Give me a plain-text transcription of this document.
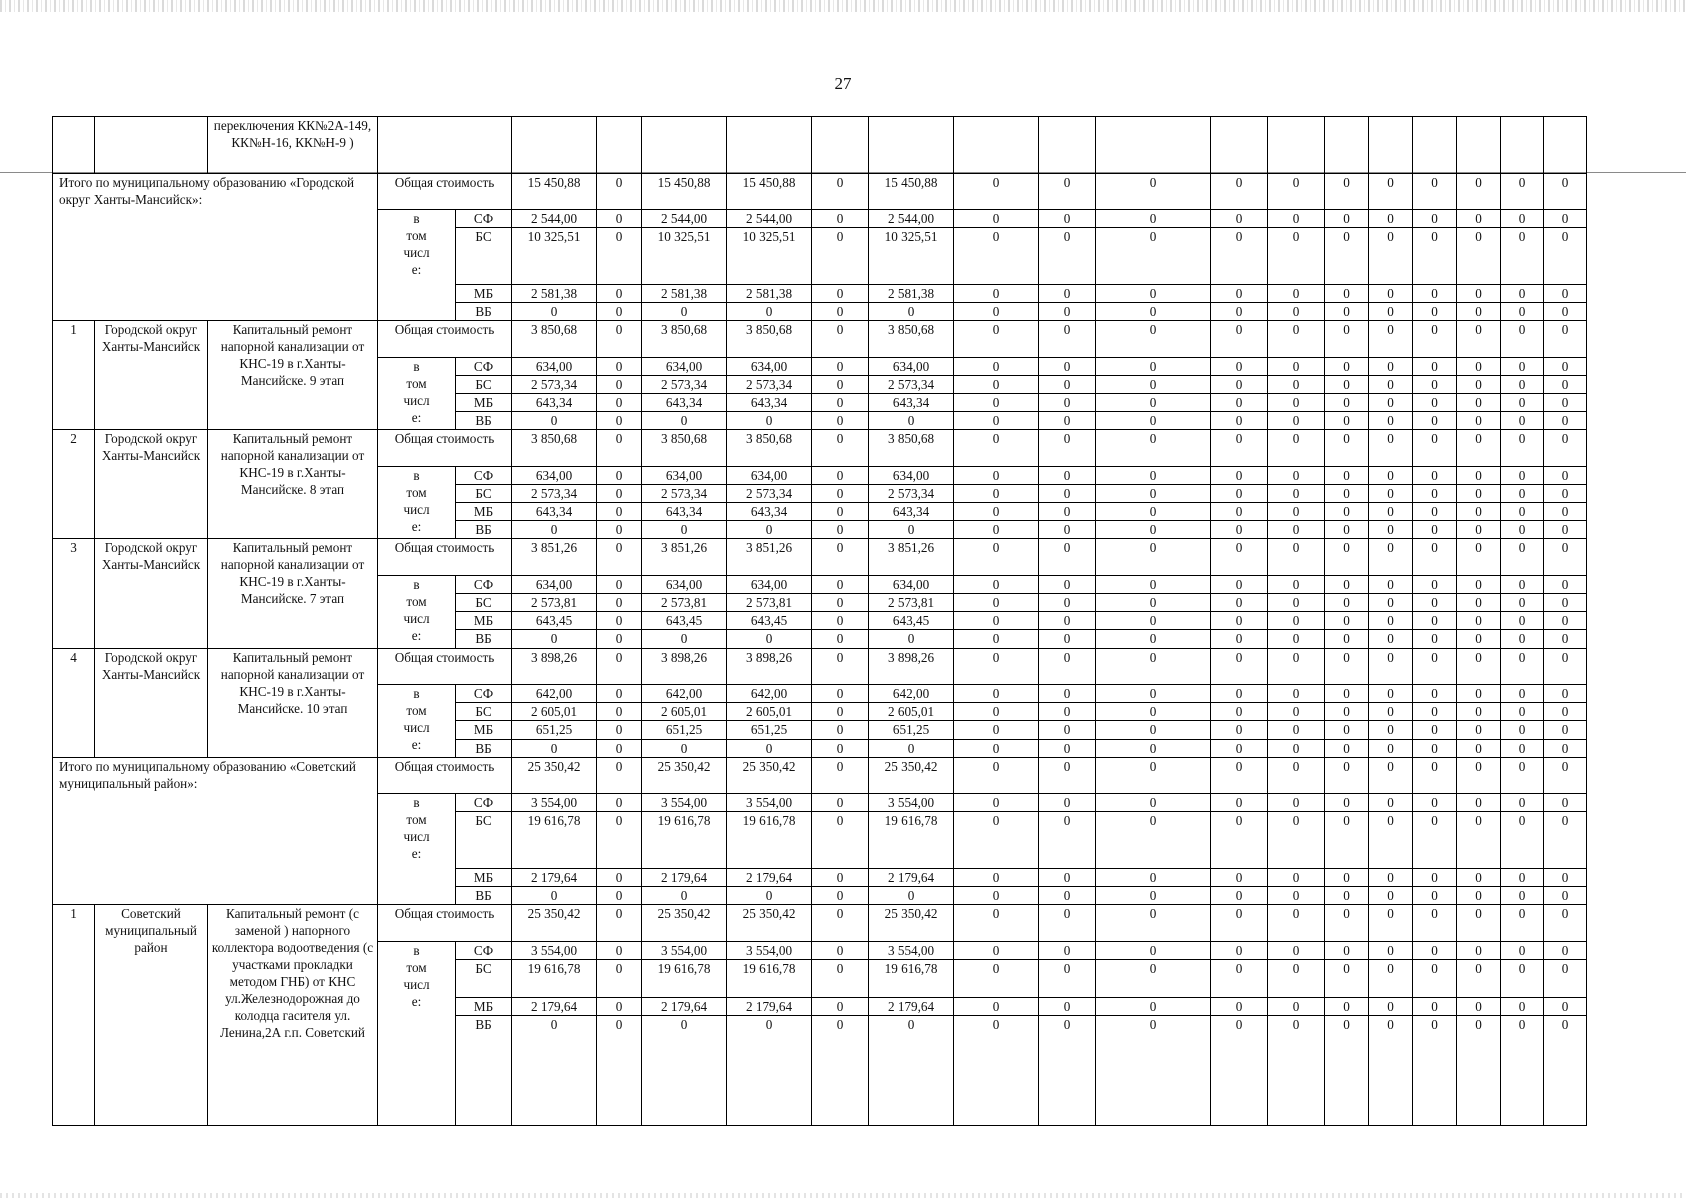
27
		переключения КК№2А-149, КК№Н-16, КК№Н-9 )																			
Итого по муниципальному образованию «Городской округ Ханты-Мансийск»:			Общая стоимость		15 450,88	0	15 450,88	15 450,88	0	15 450,88	0	0	0	0	0	0	0	0	0	0	0

			в
том
числ
е:	СФ	2 544,00	0	2 544,00	2 544,00	0	2 544,00	0	0	0	0	0	0	0	0	0	0	0
				БС	10 325,51	0	10 325,51	10 325,51	0	10 325,51	0	0	0	0	0	0	0	0	0	0	0
				МБ	2 581,38	0	2 581,38	2 581,38	0	2 581,38	0	0	0	0	0	0	0	0	0	0	0
				ВБ	0	0	0	0	0	0	0	0	0	0	0	0	0	0	0	0	0
1	Городской округ Ханты-Мансийск	Капитальный ремонт напорной канализации от КНС-19 в г.Ханты-Мансийске. 9 этап	Общая стоимость		3 850,68	0	3 850,68	3 850,68	0	3 850,68	0	0	0	0	0	0	0	0	0	0	0

			в
том
числ
е:	СФ	634,00	0	634,00	634,00	0	634,00	0	0	0	0	0	0	0	0	0	0	0
				БС	2 573,34	0	2 573,34	2 573,34	0	2 573,34	0	0	0	0	0	0	0	0	0	0	0
				МБ	643,34	0	643,34	643,34	0	643,34	0	0	0	0	0	0	0	0	0	0	0
				ВБ	0	0	0	0	0	0	0	0	0	0	0	0	0	0	0	0	0
2	Городской округ Ханты-Мансийск	Капитальный ремонт напорной канализации от КНС-19 в г.Ханты-Мансийске. 8 этап	Общая стоимость		3 850,68	0	3 850,68	3 850,68	0	3 850,68	0	0	0	0	0	0	0	0	0	0	0

			в
том
числ
е:	СФ	634,00	0	634,00	634,00	0	634,00	0	0	0	0	0	0	0	0	0	0	0
				БС	2 573,34	0	2 573,34	2 573,34	0	2 573,34	0	0	0	0	0	0	0	0	0	0	0
				МБ	643,34	0	643,34	643,34	0	643,34	0	0	0	0	0	0	0	0	0	0	0
				ВБ	0	0	0	0	0	0	0	0	0	0	0	0	0	0	0	0	0
3	Городской округ Ханты-Мансийск	Капитальный ремонт напорной канализации от КНС-19 в г.Ханты-Мансийске. 7 этап	Общая стоимость		3 851,26	0	3 851,26	3 851,26	0	3 851,26	0	0	0	0	0	0	0	0	0	0	0

			в
том
числ
е:	СФ	634,00	0	634,00	634,00	0	634,00	0	0	0	0	0	0	0	0	0	0	0
				БС	2 573,81	0	2 573,81	2 573,81	0	2 573,81	0	0	0	0	0	0	0	0	0	0	0
				МБ	643,45	0	643,45	643,45	0	643,45	0	0	0	0	0	0	0	0	0	0	0
				ВБ	0	0	0	0	0	0	0	0	0	0	0	0	0	0	0	0	0
4	Городской округ Ханты-Мансийск	Капитальный ремонт напорной канализации от КНС-19 в г.Ханты-Мансийске. 10 этап	Общая стоимость		3 898,26	0	3 898,26	3 898,26	0	3 898,26	0	0	0	0	0	0	0	0	0	0	0

			в
том
числ
е:	СФ	642,00	0	642,00	642,00	0	642,00	0	0	0	0	0	0	0	0	0	0	0
				БС	2 605,01	0	2 605,01	2 605,01	0	2 605,01	0	0	0	0	0	0	0	0	0	0	0
				МБ	651,25	0	651,25	651,25	0	651,25	0	0	0	0	0	0	0	0	0	0	0
				ВБ	0	0	0	0	0	0	0	0	0	0	0	0	0	0	0	0	0
Итого по муниципальному образованию «Советский муниципальный район»:			Общая стоимость		25 350,42	0	25 350,42	25 350,42	0	25 350,42	0	0	0	0	0	0	0	0	0	0	0

			в
том
числ
е:	СФ	3 554,00	0	3 554,00	3 554,00	0	3 554,00	0	0	0	0	0	0	0	0	0	0	0
				БС	19 616,78	0	19 616,78	19 616,78	0	19 616,78	0	0	0	0	0	0	0	0	0	0	0
				МБ	2 179,64	0	2 179,64	2 179,64	0	2 179,64	0	0	0	0	0	0	0	0	0	0	0
				ВБ	0	0	0	0	0	0	0	0	0	0	0	0	0	0	0	0	0
1	Советский муниципальный район	Капитальный ремонт (с заменой ) напорного коллектора водоотведения (с участками прокладки методом ГНБ) от КНС ул.Железнодорожная до колодца гасителя ул. Ленина,2А г.п. Советский	Общая стоимость		25 350,42	0	25 350,42	25 350,42	0	25 350,42	0	0	0	0	0	0	0	0	0	0	0

			в
том
числ
е:	СФ	3 554,00	0	3 554,00	3 554,00	0	3 554,00	0	0	0	0	0	0	0	0	0	0	0
				БС	19 616,78	0	19 616,78	19 616,78	0	19 616,78	0	0	0	0	0	0	0	0	0	0	0
				МБ	2 179,64	0	2 179,64	2 179,64	0	2 179,64	0	0	0	0	0	0	0	0	0	0	0
				ВБ	0	0	0	0	0	0	0	0	0	0	0	0	0	0	0	0	0
